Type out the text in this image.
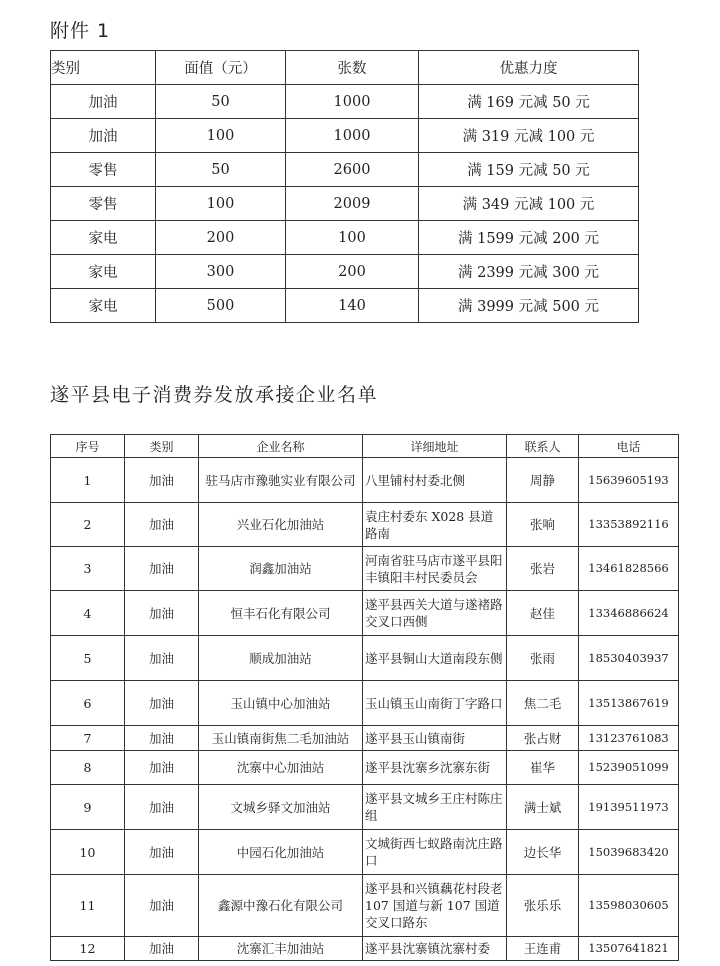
附件 1
类别	面值（元）	张数	优惠力度
加油	50	1000	满 169 元减 50 元
加油	100	1000	满 319 元减 100 元
零售	50	2600	满 159 元减 50 元
零售	100	2009	满 349 元减 100 元
家电	200	100	满 1599 元减 200 元
家电	300	200	满 2399 元减 300 元
家电	500	140	满 3999 元减 500 元
遂平县电子消费券发放承接企业名单
序号	类别	企业名称	详细地址	联系人	电话
1	加油	驻马店市豫驰实业有限公司	八里铺村村委北侧	周静	15639605193
2	加油	兴业石化加油站	袁庄村委东 X028 县道路南	张响	13353892116
3	加油	润鑫加油站	河南省驻马店市遂平县阳丰镇阳丰村民委员会	张岩	13461828566
4	加油	恒丰石化有限公司	遂平县西关大道与遂褚路交叉口西侧	赵佳	13346886624
5	加油	顺成加油站	遂平县铜山大道南段东侧	张雨	18530403937
6	加油	玉山镇中心加油站	玉山镇玉山南街丁字路口	焦二毛	13513867619
7	加油	玉山镇南街焦二毛加油站	遂平县玉山镇南街	张占财	13123761083
8	加油	沈寨中心加油站	遂平县沈寨乡沈寨东街	崔华	15239051099
9	加油	文城乡驿文加油站	遂平县文城乡王庄村陈庄组	满士斌	19139511973
10	加油	中园石化加油站	文城街西七蚁路南沈庄路口	边长华	15039683420
11	加油	鑫源中豫石化有限公司	遂平县和兴镇藕花村段老 107 国道与新 107 国道交叉口路东	张乐乐	13598030605
12	加油	沈寨汇丰加油站	遂平县沈寨镇沈寨村委	王连甫	13507641821
